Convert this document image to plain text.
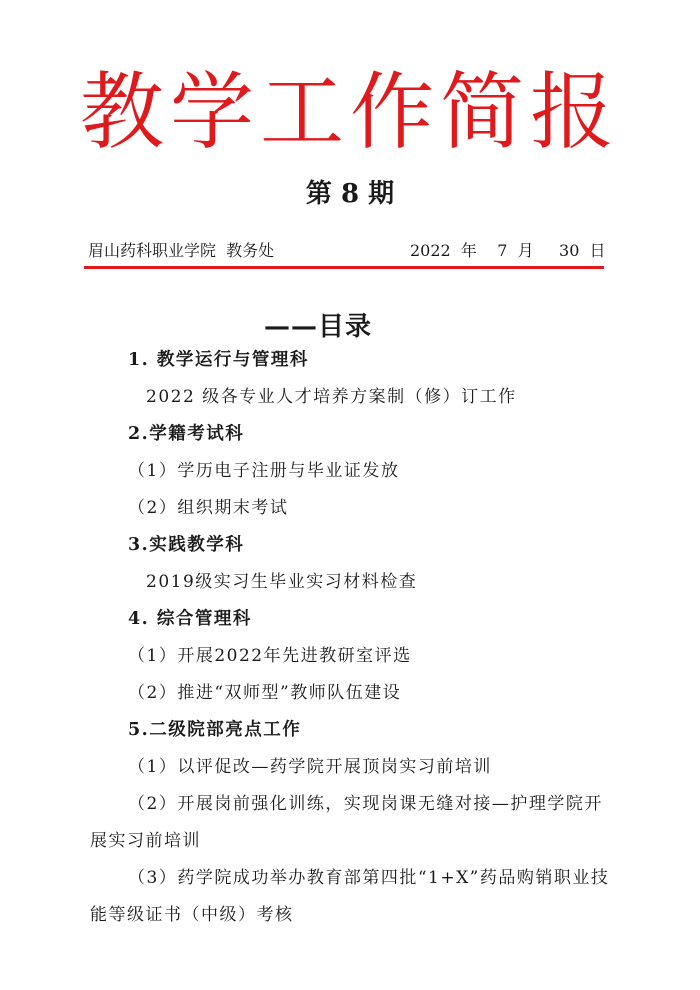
教学工作简报
第 8 期
眉山药科职业学院  教务处	2022  年    7  月     30  日
——目录
1. 教学运行与管理科
2022 级各专业人才培养方案制（修）订工作
2.学籍考试科
（1）学历电子注册与毕业证发放
（2）组织期末考试
3.实践教学科
2019级实习生毕业实习材料检查
4. 综合管理科
（1）开展2022年先进教研室评选
（2）推进“双师型”教师队伍建设
5.二级院部亮点工作
（1）以评促改—药学院开展顶岗实习前培训
（2）开展岗前强化训练，实现岗课无缝对接—护理学院开
展实习前培训
（3）药学院成功举办教育部第四批“1+X”药品购销职业技
能等级证书（中级）考核
